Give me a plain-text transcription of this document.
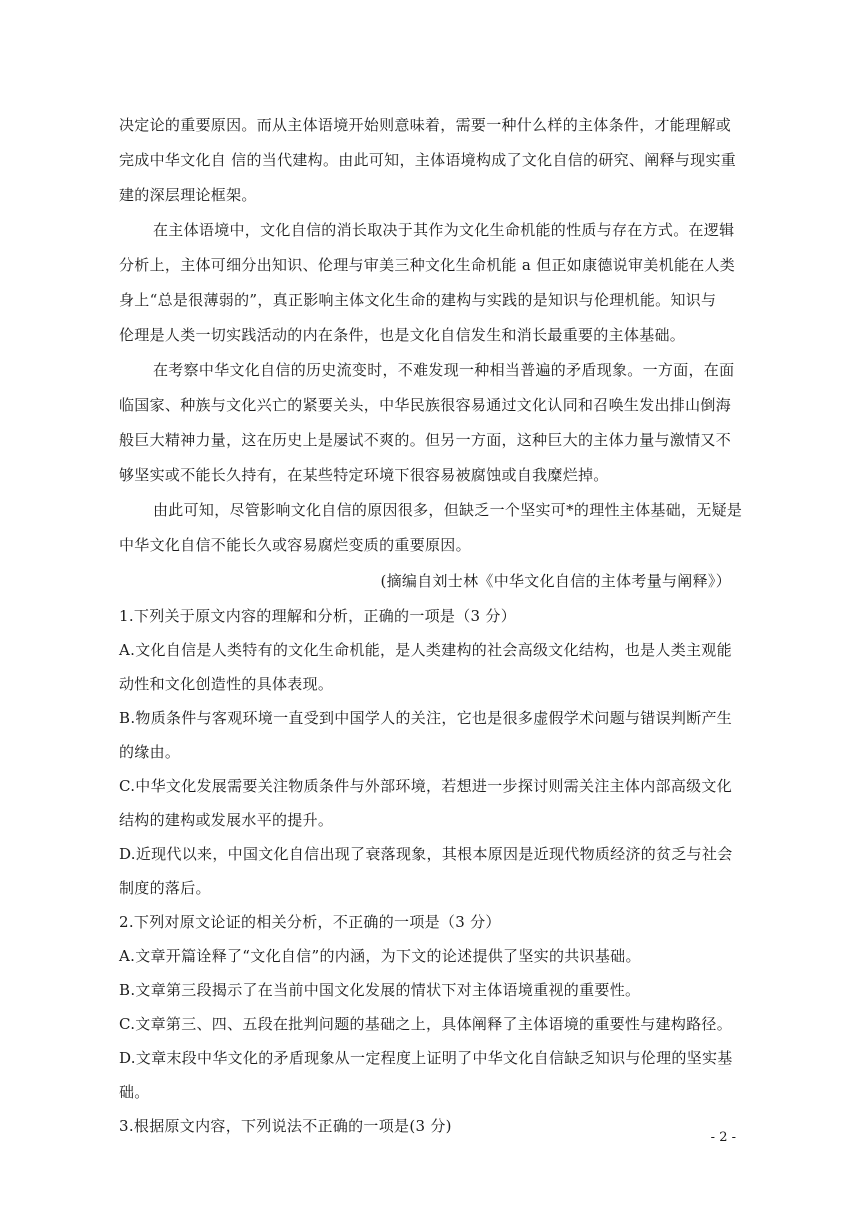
决定论的重要原因。而从主体语境开始则意味着，需要一种什么样的主体条件，才能理解或
完成中华文化自 信的当代建构。由此可知，主体语境构成了文化自信的研究、阐释与现实重
建的深层理论框架。
在主体语境中，文化自信的消长取决于其作为文化生命机能的性质与存在方式。在逻辑
分析上，主体可细分出知识、伦理与审美三种文化生命机能 a 但正如康德说审美机能在人类
身上“总是很薄弱的”，真正影响主体文化生命的建构与实践的是知识与伦理机能。知识与
伦理是人类一切实践活动的内在条件，也是文化自信发生和消长最重要的主体基础。
在考察中华文化自信的历史流变时，不难发现一种相当普遍的矛盾现象。一方面，在面
临国家、种族与文化兴亡的紧要关头，中华民族很容易通过文化认同和召唤生发出排山倒海
般巨大精神力量，这在历史上是屡试不爽的。但另一方面，这种巨大的主体力量与激情又不
够坚实或不能长久持有，在某些特定环境下很容易被腐蚀或自我糜烂掉。
由此可知，尽管影响文化自信的原因很多，但缺乏一个坚实可*的理性主体基础，无疑是
中华文化自信不能长久或容易腐烂变质的重要原因。
(摘编自刘士林《中华文化自信的主体考量与阐释》）
1.下列关于原文内容的理解和分析，正确的一项是（3 分）
A.文化自信是人类特有的文化生命机能，是人类建构的社会高级文化结构，也是人类主观能
动性和文化创造性的具体表现。
B.物质条件与客观环境一直受到中国学人的关注，它也是很多虚假学术问题与错误判断产生
的缘由。
C.中华文化发展需要关注物质条件与外部环境，若想进一步探讨则需关注主体内部高级文化
结构的建构或发展水平的提升。
D.近现代以来，中国文化自信出现了衰落现象，其根本原因是近现代物质经济的贫乏与社会
制度的落后。
2.下列对原文论证的相关分析，不正确的一项是（3 分）
A.文章开篇诠释了“文化自信”的内涵，为下文的论述提供了坚实的共识基础。
B.文章第三段揭示了在当前中国文化发展的情状下对主体语境重视的重要性。
C.文章第三、四、五段在批判问题的基础之上，具体阐释了主体语境的重要性与建构路径。
D.文章末段中华文化的矛盾现象从一定程度上证明了中华文化自信缺乏知识与伦理的坚实基
础。
3.根据原文内容，下列说法不正确的一项是(3 分)
- 2 -
